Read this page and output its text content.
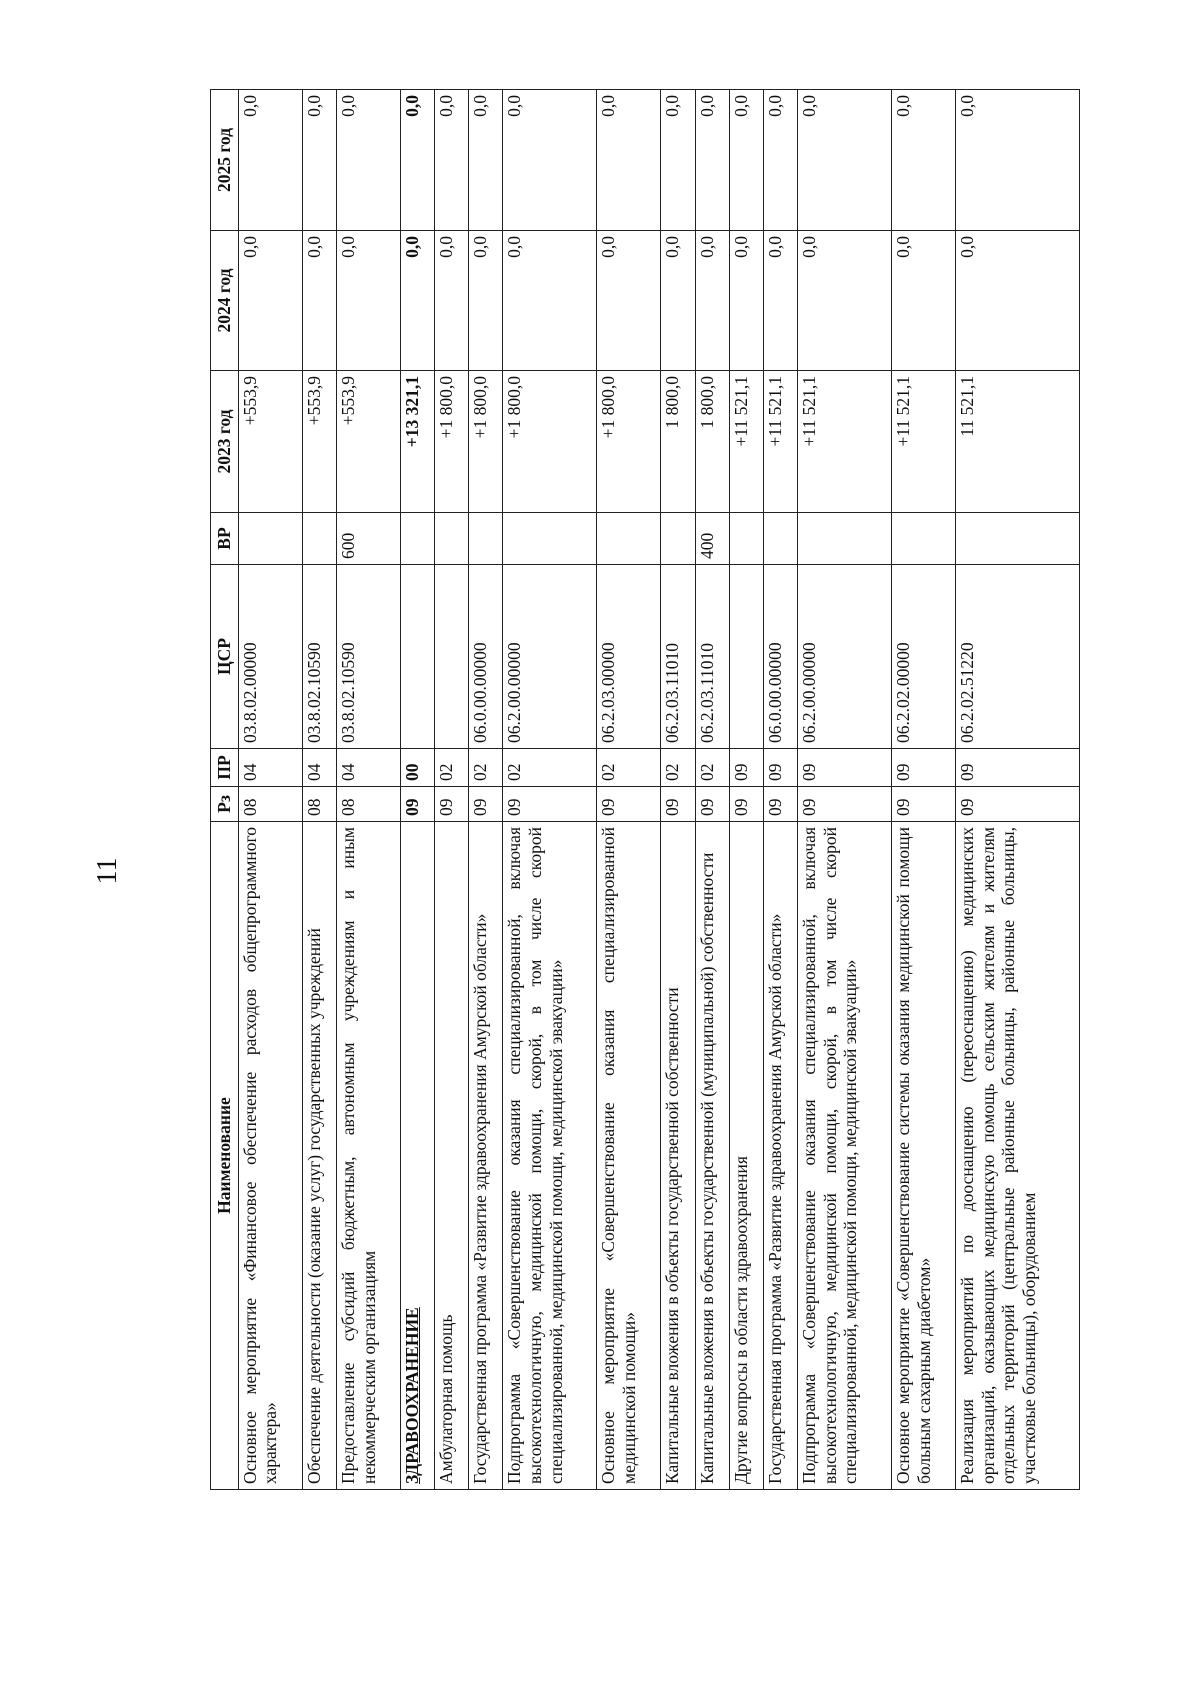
11
Наименование	Рз	ПР	ЦСР	ВР	2023 год	2024 год	2025 год
Основное мероприятие «Финансовое обеспечение расходов общепрограммного характера»	08	04	03.8.02.00000		+553,9	0,0	0,0
Обеспечение деятельности (оказание услуг) государственных учреждений	08	04	03.8.02.10590		+553,9	0,0	0,0
Предоставление субсидий бюджетным, автономным учреждениям и иным некоммерческим организациям	08	04	03.8.02.10590	600	+553,9	0,0	0,0
ЗДРАВООХРАНЕНИЕ	09	00			+13 321,1	0,0	0,0
Амбулаторная помощь	09	02			+1 800,0	0,0	0,0
Государственная программа «Развитие здравоохранения Амурской области»	09	02	06.0.00.00000		+1 800,0	0,0	0,0
Подпрограмма «Совершенствование оказания специализированной, включая высокотехнологичную, медицинской помощи, скорой, в том числе скорой специализированной, медицинской помощи, медицинской эвакуации»	09	02	06.2.00.00000		+1 800,0	0,0	0,0
Основное мероприятие «Совершенствование оказания специализированной медицинской помощи»	09	02	06.2.03.00000		+1 800,0	0,0	0,0
Капитальные вложения в объекты государственной собственности	09	02	06.2.03.11010		1 800,0	0,0	0,0
Капитальные вложения в объекты государственной (муниципальной) собственности	09	02	06.2.03.11010	400	1 800,0	0,0	0,0
Другие вопросы в области здравоохранения	09	09			+11 521,1	0,0	0,0
Государственная программа «Развитие здравоохранения Амурской области»	09	09	06.0.00.00000		+11 521,1	0,0	0,0
Подпрограмма «Совершенствование оказания специализированной, включая высокотехнологичную, медицинской помощи, скорой, в том числе скорой специализированной, медицинской помощи, медицинской эвакуации»	09	09	06.2.00.00000		+11 521,1	0,0	0,0
Основное мероприятие «Совершенствование системы оказания медицинской помощи больным сахарным диабетом»	09	09	06.2.02.00000		+11 521,1	0,0	0,0
Реализация мероприятий по дооснащению (переоснащению) медицинских организаций, оказывающих медицинскую помощь сельским жителям и жителям отдельных территорий (центральные районные больницы, районные больницы, участковые больницы), оборудованием	09	09	06.2.02.51220		11 521,1	0,0	0,0
